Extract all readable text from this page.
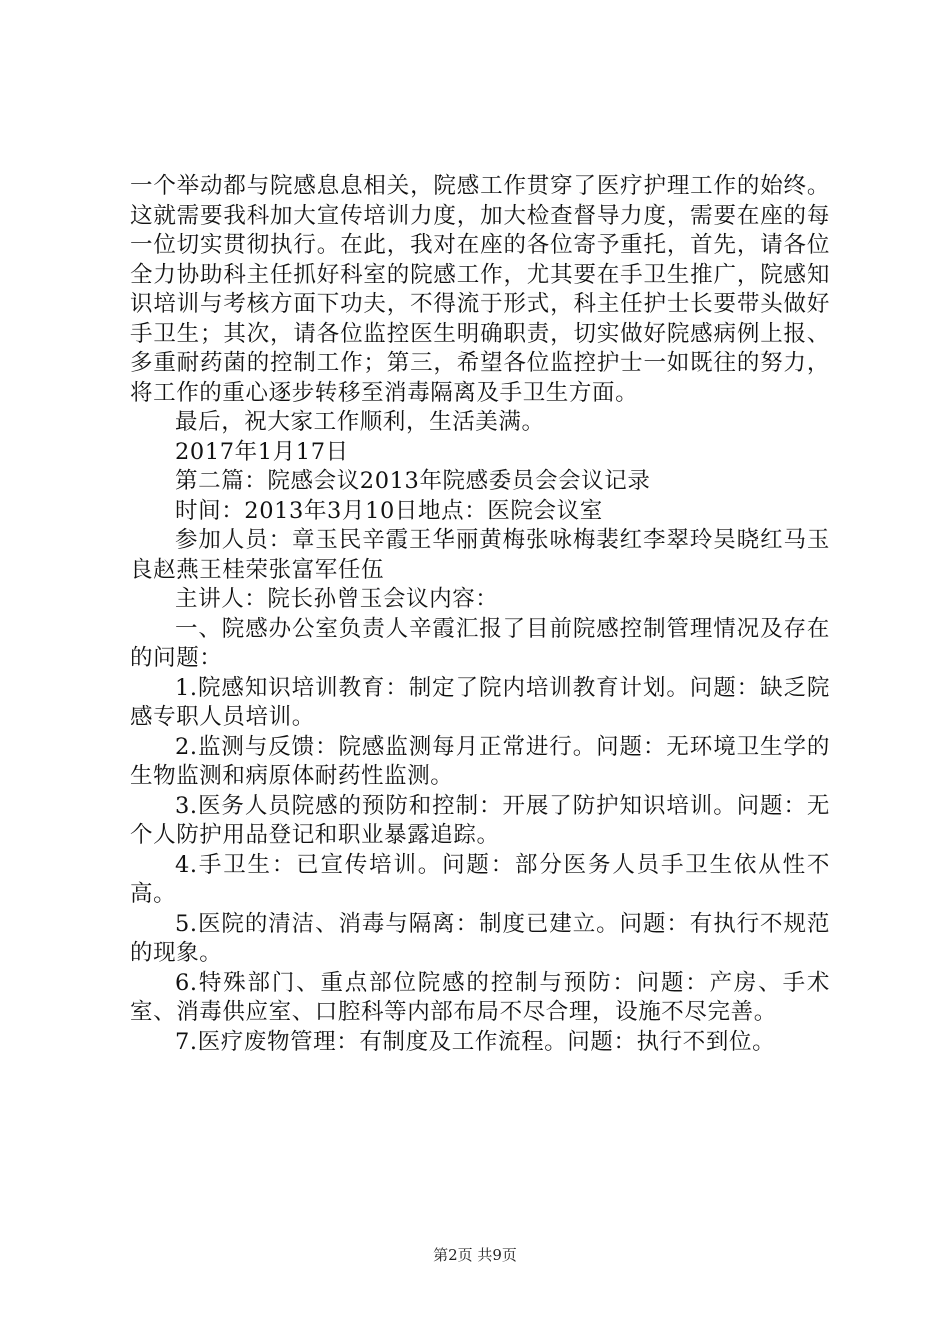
一个举动都与院感息息相关，院感工作贯穿了医疗护理工作的始终。这就需要我科加大宣传培训力度，加大检查督导力度，需要在座的每一位切实贯彻执行。在此，我对在座的各位寄予重托，首先，请各位全力协助科主任抓好科室的院感工作，尤其要在手卫生推广，院感知识培训与考核方面下功夫，不得流于形式，科主任护士长要带头做好手卫生；其次，请各位监控医生明确职责，切实做好院感病例上报、多重耐药菌的控制工作；第三，希望各位监控护士一如既往的努力，将工作的重心逐步转移至消毒隔离及手卫生方面。

最后，祝大家工作顺利，生活美满。

2017年1月17日

第二篇：院感会议2013年院感委员会会议记录

时间：2013年3月10日地点：医院会议室

参加人员：章玉民辛霞王华丽黄梅张咏梅裴红李翠玲吴晓红马玉良赵燕王桂荣张富军任伍

主讲人：院长孙曾玉会议内容：

一、院感办公室负责人辛霞汇报了目前院感控制管理情况及存在的问题：

1.院感知识培训教育：制定了院内培训教育计划。问题：缺乏院感专职人员培训。

2.监测与反馈：院感监测每月正常进行。问题：无环境卫生学的生物监测和病原体耐药性监测。

3.医务人员院感的预防和控制：开展了防护知识培训。问题：无个人防护用品登记和职业暴露追踪。

4.手卫生：已宣传培训。问题：部分医务人员手卫生依从性不高。

5.医院的清洁、消毒与隔离：制度已建立。问题：有执行不规范的现象。

6.特殊部门、重点部位院感的控制与预防：问题：产房、手术室、消毒供应室、口腔科等内部布局不尽合理，设施不尽完善。

7.医疗废物管理：有制度及工作流程。问题：执行不到位。

第2页 共9页
